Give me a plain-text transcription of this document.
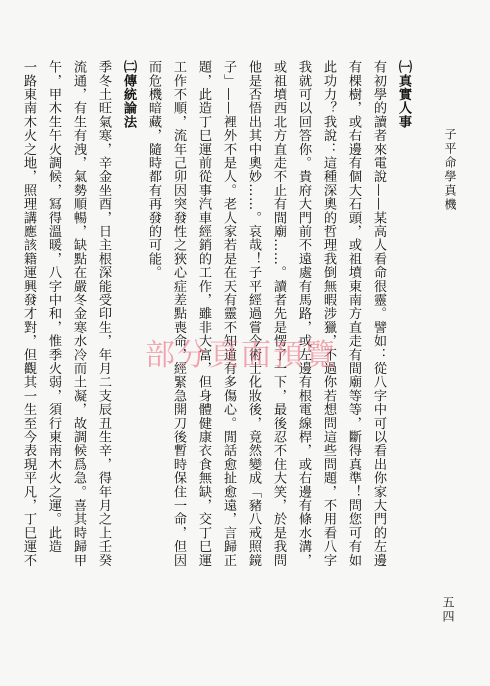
子平命學真機

㈠真實人事

有初學的讀者來電說——某高人看命很靈。譬如：從八字中可以看出你家大門的左邊

有棵樹，或右邊有個大石頭，或祖墳東南方直走有間廟等等，斷得真準！問您可有如

此功力？我說：這種深奧的哲理我倒無暇涉獵，不過你若想問這些問題，不用看八字

我就可以回答你。貴府大門前不遠處有馬路，或左邊有根電線桿，或右邊有條水溝，

或祖墳西北方直走不止有間廟……。讀者先是愣了一下，最後忍不住大笑，於是我問

他是否悟出其中奧妙……。哀哉！子平經過嘗今術士化妝後，竟然變成「豬八戒照鏡

子」——裡外不是人。老人家若是在天有靈不知道有多傷心。閒話愈扯愈遠，言歸正

題，此造丁巳運前從事汽車經銷的工作，雖非大富，但身體健康衣食無缺，交丁巳運

工作不順，流年己卯因突發性之狹心症差點喪命，經緊急開刀後暫時保住一命，但因

而危機暗藏，隨時都有再發的可能。

㈡傳統論法

季冬土旺氣寒，辛金坐酉，日主根深能受印生，年月二支辰丑生辛，得年月之上壬癸

流通，有生有洩，氣勢順暢，缺點在嚴冬金寒水冷而土凝，故調候爲急。喜其時歸甲

午，甲木生午火調候，冩得溫暖，八字中和，惟季火弱，須行東南木火之運。此造

一路東南木火之地，照理講應該籍運興發才對，但觀其一生至今表現平凡，丁巳運不

五四
部分頁面預覽
